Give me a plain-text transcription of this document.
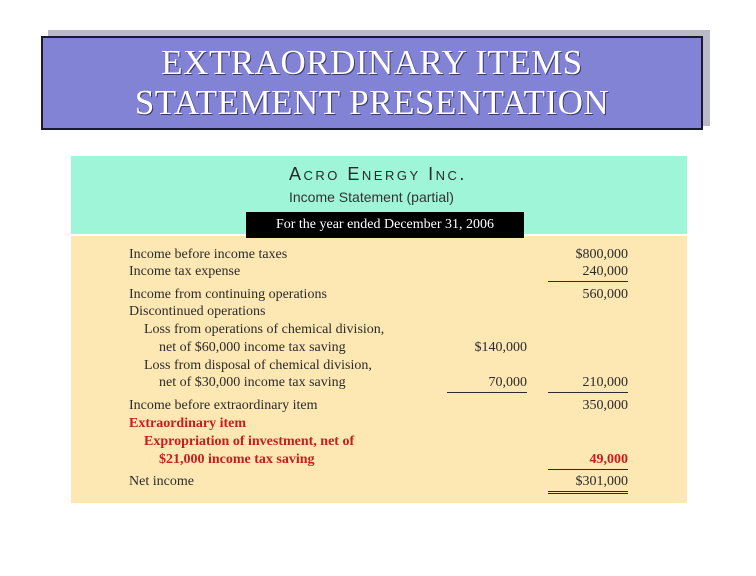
EXTRAORDINARY ITEMS
STATEMENT PRESENTATION
Acro Energy Inc.
Income Statement (partial)
For the year ended December 31, 2006
Income before income taxes	$800,000
Income tax expense	240,000
Income from continuing operations	560,000
Discontinued operations
Loss from operations of chemical division,
net of $60,000 income tax saving	$140,000
Loss from disposal of chemical division,
net of $30,000 income tax saving	70,000	210,000
Income before extraordinary item	350,000
Extraordinary item
Expropriation of investment, net of
$21,000 income tax saving	49,000
Net income	$301,000
